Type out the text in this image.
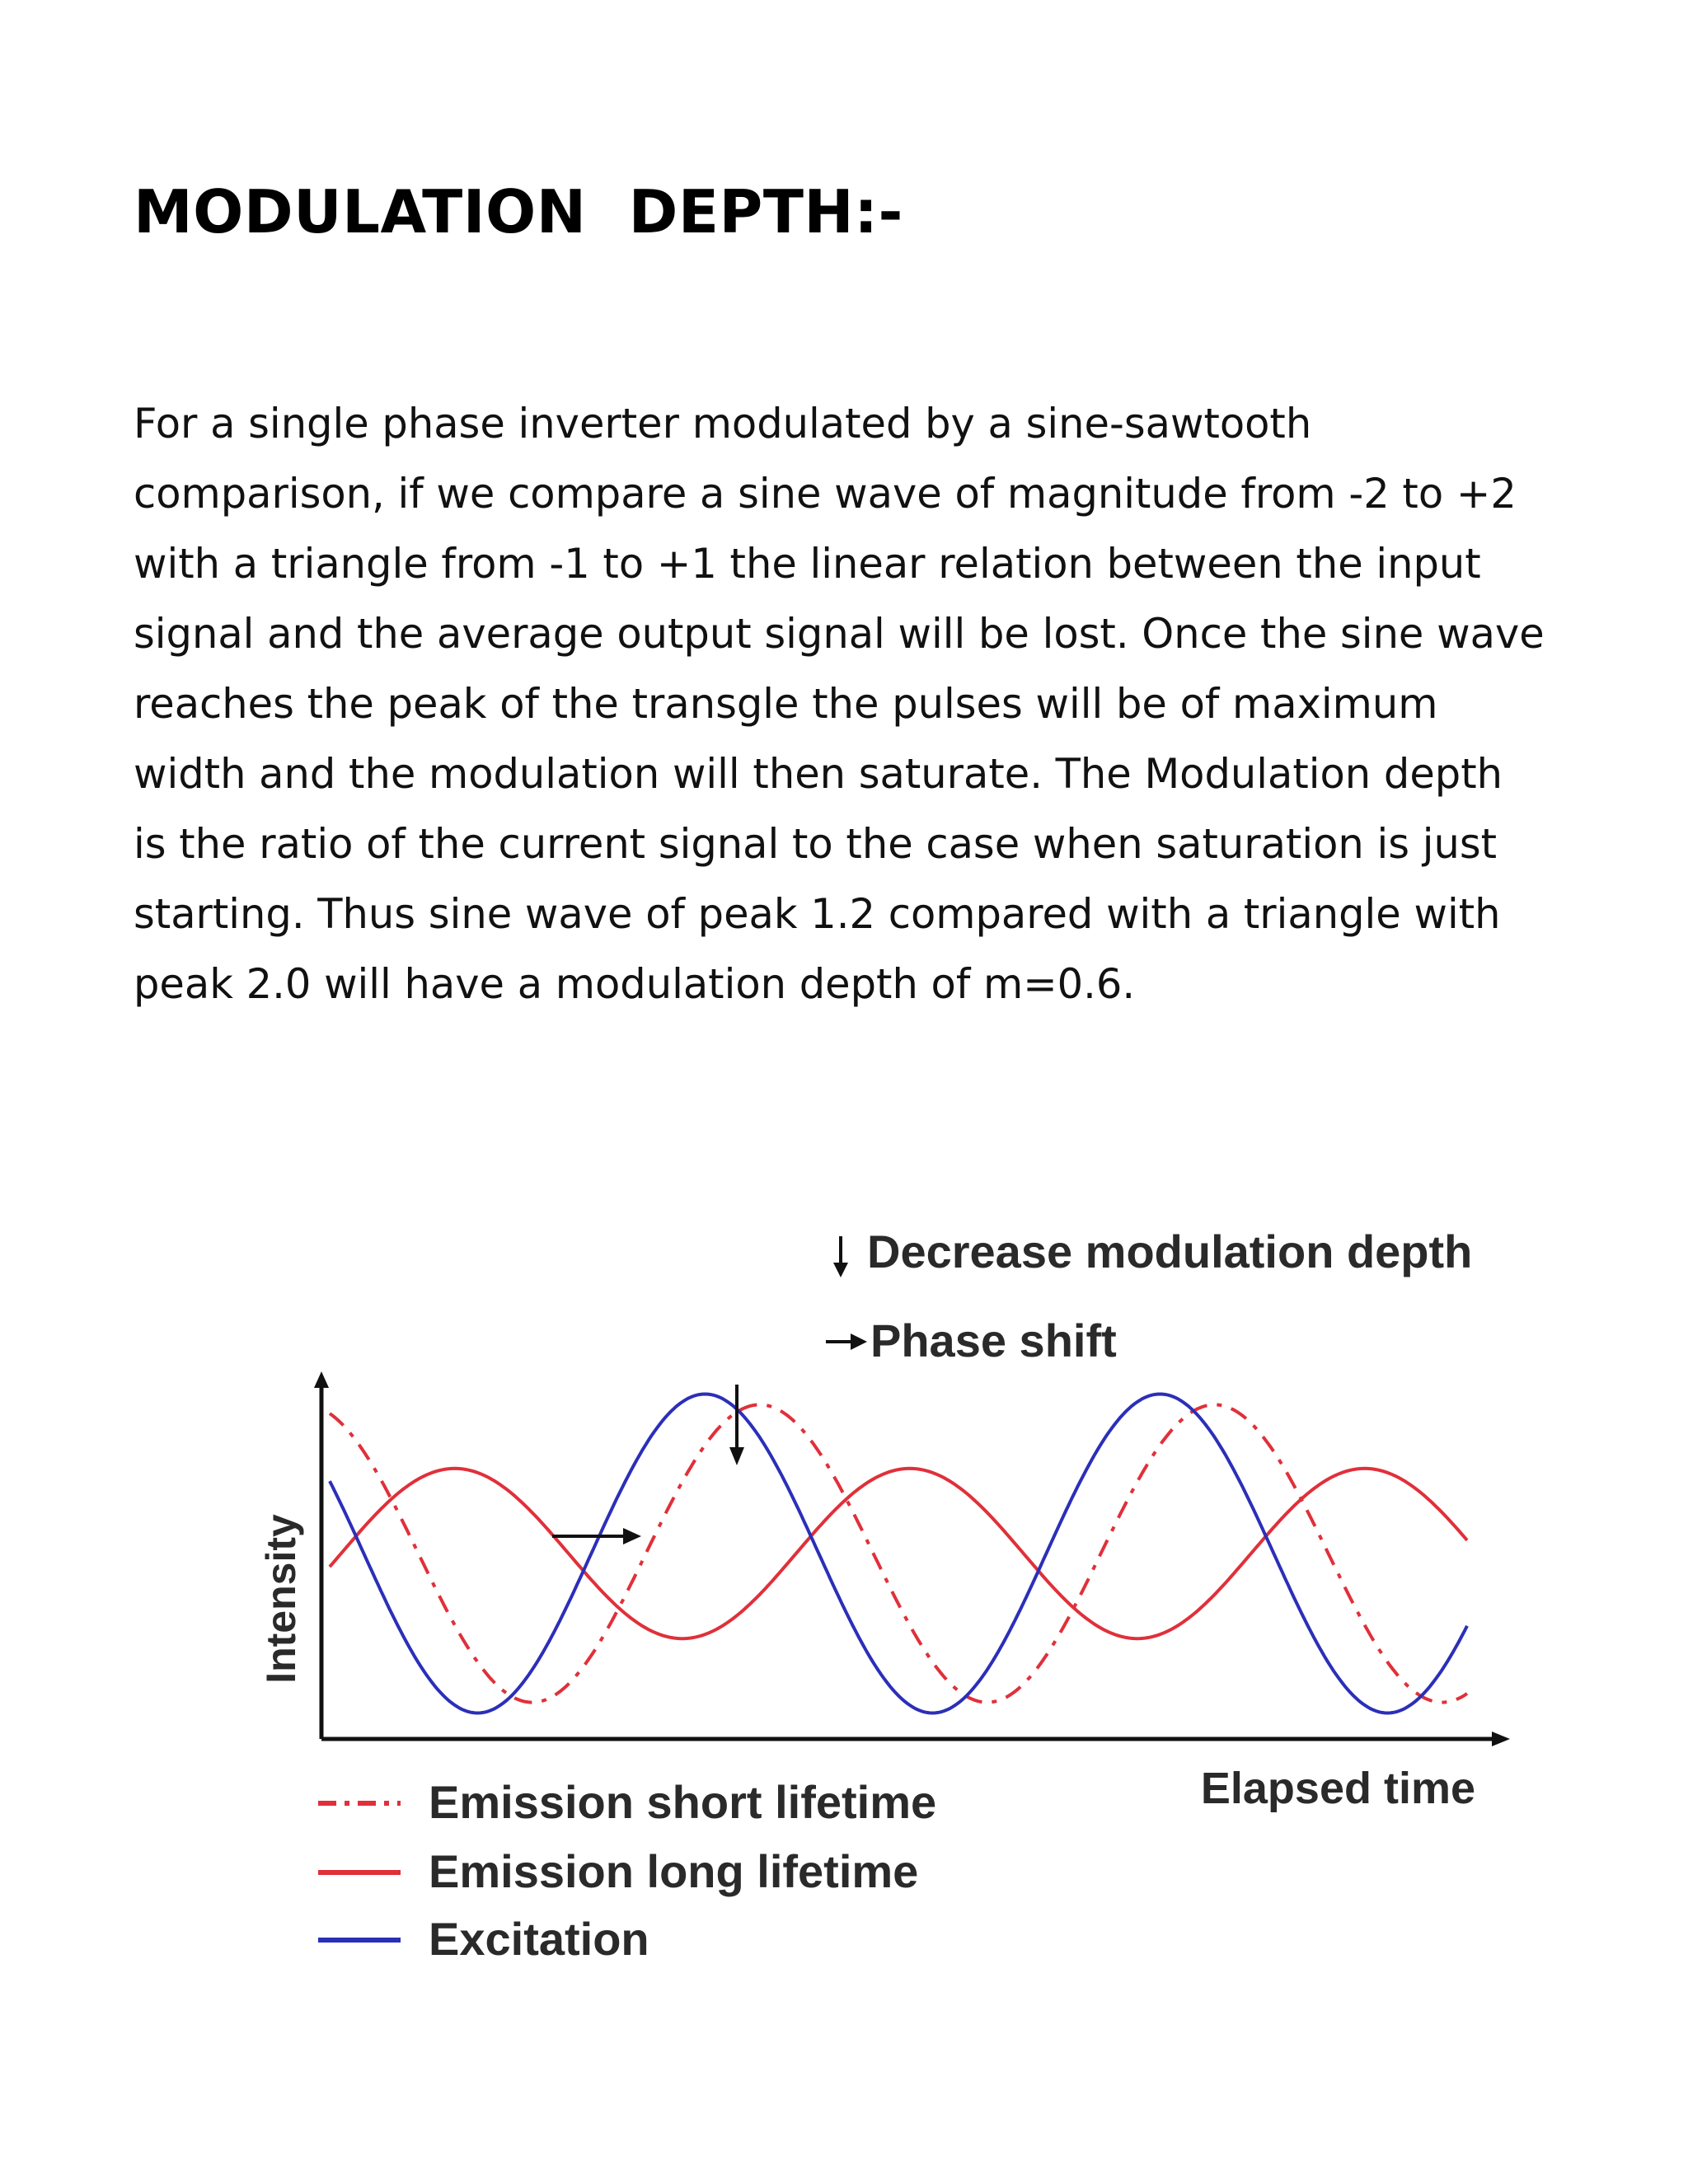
MODULATION  DEPTH:-
For a single phase inverter modulated by a sine-sawtooth
comparison, if we compare a sine wave of magnitude from -2 to +2
with a triangle from -1 to +1 the linear relation between the input
signal and the average output signal will be lost. Once the sine wave
reaches the peak of the transgle the pulses will be of maximum
width and the modulation will then saturate. The Modulation depth
is the ratio of the current signal to the case when saturation is just
starting. Thus sine wave of peak 1.2 compared with a triangle with
peak 2.0 will have a modulation depth of m=0.6.
Decrease modulation depth
Phase shift
Intensity
Elapsed time
Emission short lifetime
Emission long lifetime
Excitation
